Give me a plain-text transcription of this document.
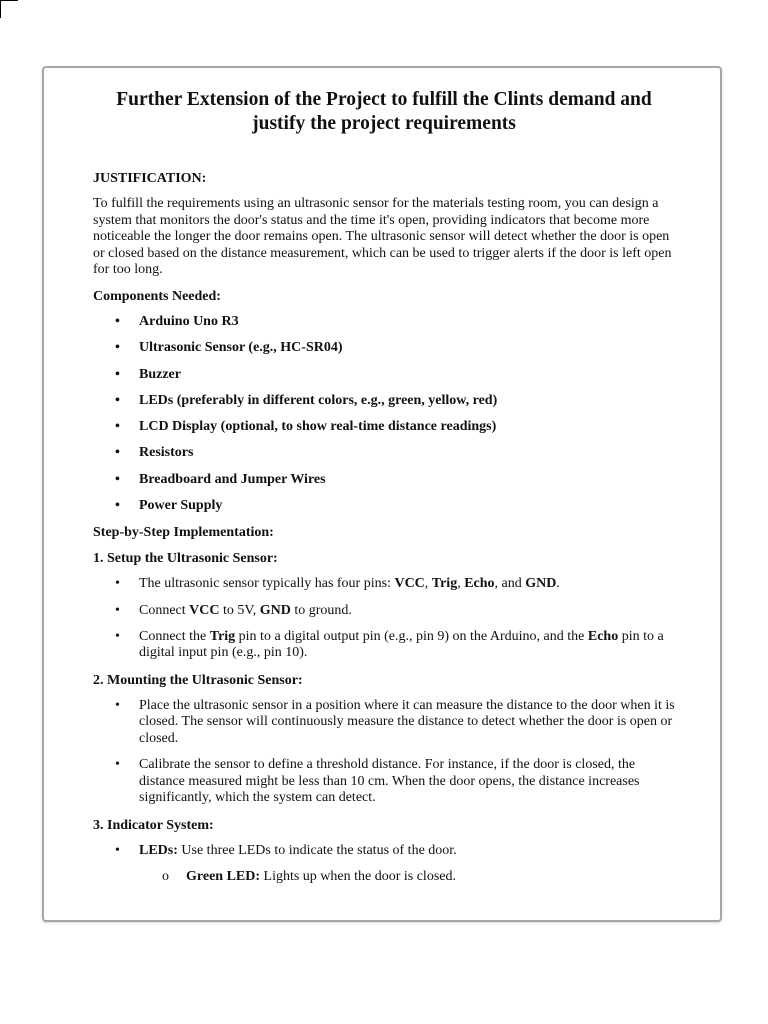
Further Extension of the Project to fulfill the Clints demand and justify the project requirements
JUSTIFICATION:

To fulfill the requirements using an ultrasonic sensor for the materials testing room, you can design a system that monitors the door's status and the time it's open, providing indicators that become more noticeable the longer the door remains open. The ultrasonic sensor will detect whether the door is open or closed based on the distance measurement, which can be used to trigger alerts if the door is left open for too long.

Components Needed:
• Arduino Uno R3
• Ultrasonic Sensor (e.g., HC-SR04)
• Buzzer
• LEDs (preferably in different colors, e.g., green, yellow, red)
• LCD Display (optional, to show real-time distance readings)
• Resistors
• Breadboard and Jumper Wires
• Power Supply
Step-by-Step Implementation:
1. Setup the Ultrasonic Sensor:
• The ultrasonic sensor typically has four pins: VCC, Trig, Echo, and GND.
• Connect VCC to 5V, GND to ground.
• Connect the Trig pin to a digital output pin (e.g., pin 9) on the Arduino, and the Echo pin to a digital input pin (e.g., pin 10).
2. Mounting the Ultrasonic Sensor:
• Place the ultrasonic sensor in a position where it can measure the distance to the door when it is closed. The sensor will continuously measure the distance to detect whether the door is open or closed.
• Calibrate the sensor to define a threshold distance. For instance, if the door is closed, the distance measured might be less than 10 cm. When the door opens, the distance increases significantly, which the system can detect.
3. Indicator System:
• LEDs: Use three LEDs to indicate the status of the door.
o Green LED: Lights up when the door is closed.
